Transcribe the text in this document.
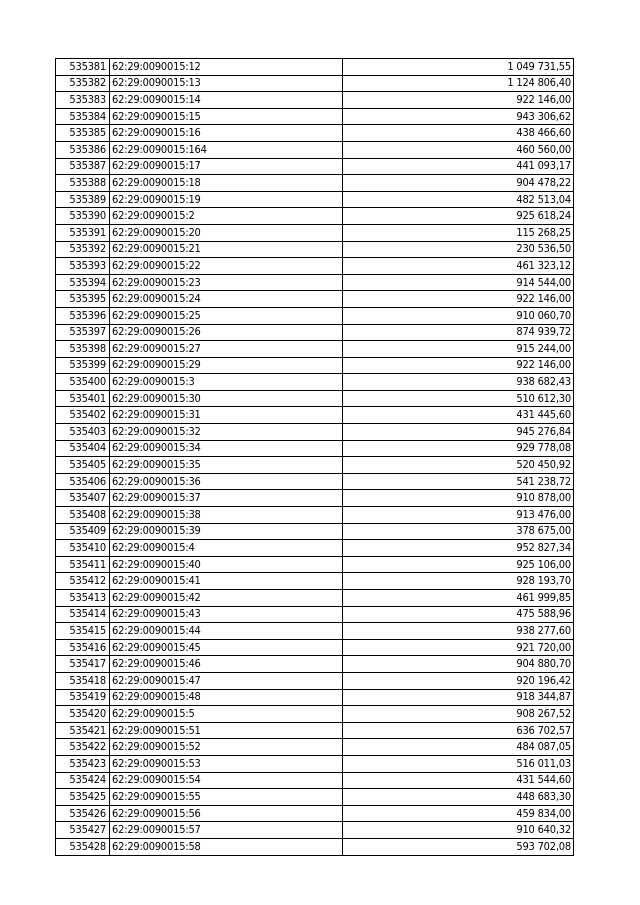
535381	62:29:0090015:12	1 049 731,55
535382	62:29:0090015:13	1 124 806,40
535383	62:29:0090015:14	922 146,00
535384	62:29:0090015:15	943 306,62
535385	62:29:0090015:16	438 466,60
535386	62:29:0090015:164	460 560,00
535387	62:29:0090015:17	441 093,17
535388	62:29:0090015:18	904 478,22
535389	62:29:0090015:19	482 513,04
535390	62:29:0090015:2	925 618,24
535391	62:29:0090015:20	115 268,25
535392	62:29:0090015:21	230 536,50
535393	62:29:0090015:22	461 323,12
535394	62:29:0090015:23	914 544,00
535395	62:29:0090015:24	922 146,00
535396	62:29:0090015:25	910 060,70
535397	62:29:0090015:26	874 939,72
535398	62:29:0090015:27	915 244,00
535399	62:29:0090015:29	922 146,00
535400	62:29:0090015:3	938 682,43
535401	62:29:0090015:30	510 612,30
535402	62:29:0090015:31	431 445,60
535403	62:29:0090015:32	945 276,84
535404	62:29:0090015:34	929 778,08
535405	62:29:0090015:35	520 450,92
535406	62:29:0090015:36	541 238,72
535407	62:29:0090015:37	910 878,00
535408	62:29:0090015:38	913 476,00
535409	62:29:0090015:39	378 675,00
535410	62:29:0090015:4	952 827,34
535411	62:29:0090015:40	925 106,00
535412	62:29:0090015:41	928 193,70
535413	62:29:0090015:42	461 999,85
535414	62:29:0090015:43	475 588,96
535415	62:29:0090015:44	938 277,60
535416	62:29:0090015:45	921 720,00
535417	62:29:0090015:46	904 880,70
535418	62:29:0090015:47	920 196,42
535419	62:29:0090015:48	918 344,87
535420	62:29:0090015:5	908 267,52
535421	62:29:0090015:51	636 702,57
535422	62:29:0090015:52	484 087,05
535423	62:29:0090015:53	516 011,03
535424	62:29:0090015:54	431 544,60
535425	62:29:0090015:55	448 683,30
535426	62:29:0090015:56	459 834,00
535427	62:29:0090015:57	910 640,32
535428	62:29:0090015:58	593 702,08
